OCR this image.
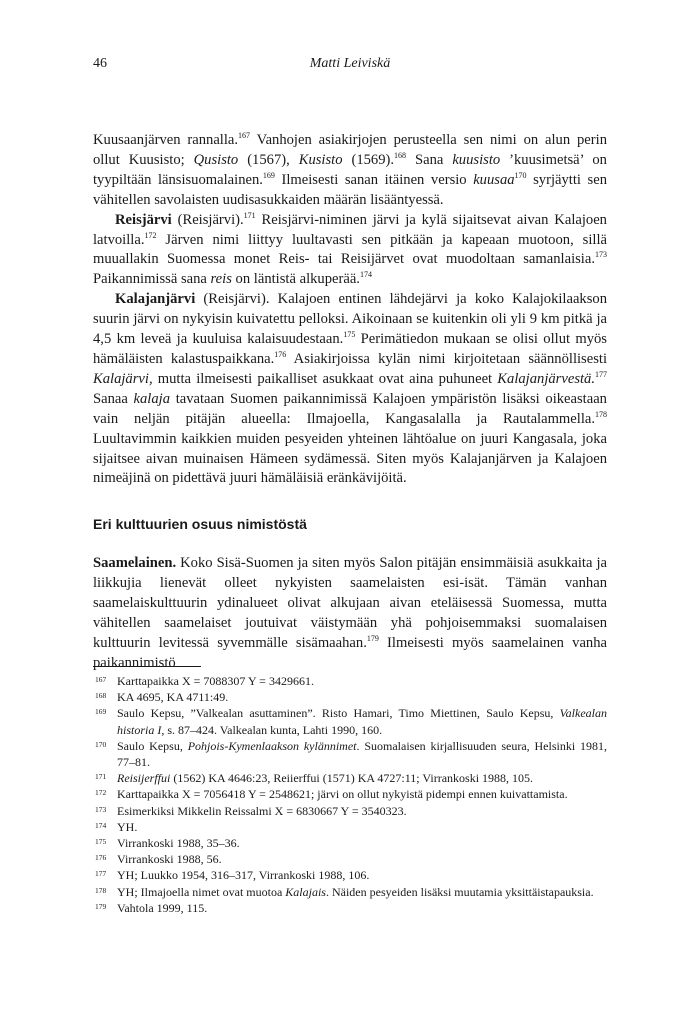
46	Matti Leiviskä

Kuusaanjärven rannalla.$^{167}$ Vanhojen asiakirjojen perusteella sen nimi on alun perin ollut Kuusisto; Qusisto (1567), Kusisto (1569).$^{168}$ Sana kuusisto ’kuusimetsä’ on tyypiltään länsisuomalainen.$^{169}$ Ilmeisesti sanan itäinen versio kuusaa$^{170}$ syrjäytti sen vähitellen savolaisten uudisasukkaiden määrän lisääntyessä.

Reisjärvi (Reisjärvi).$^{171}$ Reisjärvi-niminen järvi ja kylä sijaitsevat aivan Kalajoen latvoilla.$^{172}$ Järven nimi liittyy luultavasti sen pitkään ja kapeaan muotoon, sillä muuallakin Suomessa monet Reis- tai Reisijärvet ovat muodoltaan samanlaisia.$^{173}$ Paikannimissä sana reis on läntistä alkuperää.$^{174}$

Kalajanjärvi (Reisjärvi). Kalajoen entinen lähdejärvi ja koko Kalajokilaakson suurin järvi on nykyisin kuivatettu pelloksi. Aikoinaan se kuitenkin oli yli 9 km pitkä ja 4,5 km leveä ja kuuluisa kalaisuudestaan.$^{175}$ Perimätiedon mukaan se olisi ollut myös hämäläisten kalastuspaikkana.$^{176}$ Asiakirjoissa kylän nimi kirjoitetaan säännöllisesti Kalajärvi, mutta ilmeisesti paikalliset asukkaat ovat aina puhuneet Kalajanjärvestä.$^{177}$ Sanaa kalaja tavataan Suomen paikannimissä Kalajoen ympäristön lisäksi oikeastaan vain neljän pitäjän alueella: Ilmajoella, Kangasalalla ja Rautalammella.$^{178}$ Luultavimmin kaikkien muiden pesyeiden yhteinen lähtöalue on juuri Kangasala, joka sijaitsee aivan muinaisen Hämeen sydämessä. Siten myös Kalajanjärven ja Kalajoen nimeäjinä on pidettävä juuri hämäläisiä eränkävijöitä.

Eri kulttuurien osuus nimistöstä

Saamelainen. Koko Sisä-Suomen ja siten myös Salon pitäjän ensimmäisiä asukkaita ja liikkujia lienevät olleet nykyisten saamelaisten esi-isät. Tämän vanhan saamelaiskulttuurin ydinalueet olivat alkujaan aivan eteläisessä Suomessa, mutta vähitellen saamelaiset joutuivat väistymään yhä pohjoisemmaksi suomalaisen kulttuurin levitessä syvemmälle sisämaahan.$^{179}$ Ilmeisesti myös saamelainen vanha paikannimistö

167 Karttapaikka X = 7088307 Y = 3429661.
168 KA 4695, KA 4711:49.
169 Saulo Kepsu, ”Valkealan asuttaminen”. Risto Hamari, Timo Miettinen, Saulo Kepsu, Valkealan historia I, s. 87–424. Valkealan kunta, Lahti 1990, 160.
170 Saulo Kepsu, Pohjois-Kymenlaakson kylännimet. Suomalaisen kirjallisuuden seura, Helsinki 1981, 77–81.
171 Reisijerffui (1562) KA 4646:23, Reiierffui (1571) KA 4727:11; Virrankoski 1988, 105.
172 Karttapaikka X = 7056418 Y = 2548621; järvi on ollut nykyistä pidempi ennen kuivattamista.
173 Esimerkiksi Mikkelin Reissalmi X = 6830667 Y = 3540323.
174 YH.
175 Virrankoski 1988, 35–36.
176 Virrankoski 1988, 56.
177 YH; Luukko 1954, 316–317, Virrankoski 1988, 106.
178 YH; Ilmajoella nimet ovat muotoa Kalajais. Näiden pesyeiden lisäksi muutamia yksittäistapauksia.
179 Vahtola 1999, 115.
